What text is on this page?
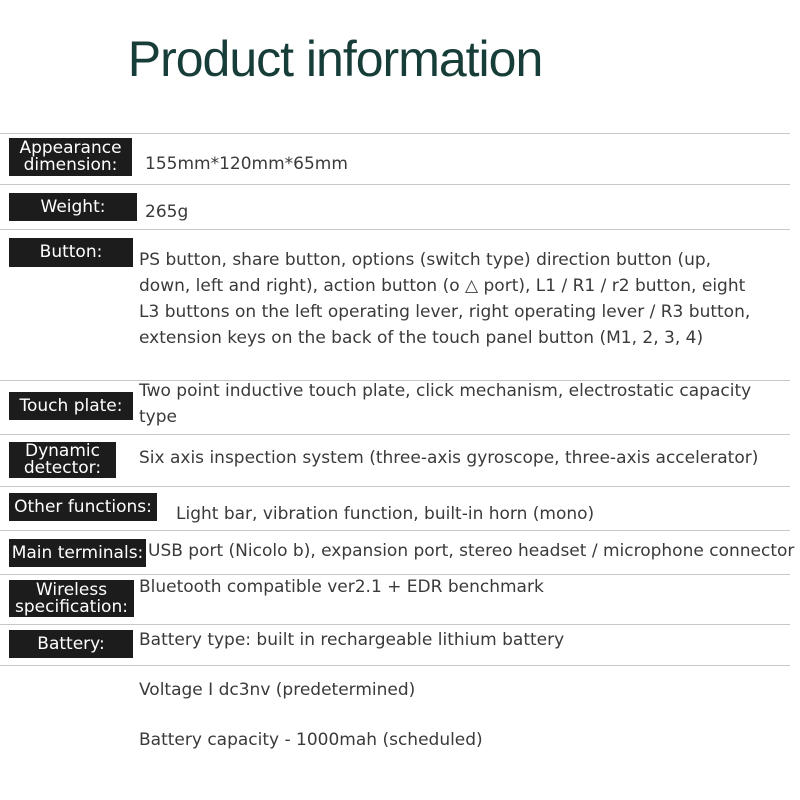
Product information
Appearance
dimension: 155mm*120mm*65mm
Weight:	265g
Button:	PS button, share button, options (switch type) direction button (up, down, left and right), action button (o △ port), L1 / R1 / r2 button, eight L3 buttons on the left operating lever, right operating lever / R3 button, extension keys on the back of the touch panel button (M1, 2, 3, 4)
Touch plate:
Two point inductive touch plate, click mechanism, electrostatic capacity type
Dynamic
detector: Six axis inspection system (three-axis gyroscope, three-axis accelerator)
Other functions:	Light bar, vibration function, built-in horn (mono)
Main terminals: USB port (Nicolo b), expansion port, stereo headset / microphone connector
Wireless
specification:
Bluetooth compatible ver2.1 + EDR benchmark
Battery:	Battery type: built in rechargeable lithium battery
Voltage I dc3nv (predetermined)
Battery capacity - 1000mah (scheduled)
